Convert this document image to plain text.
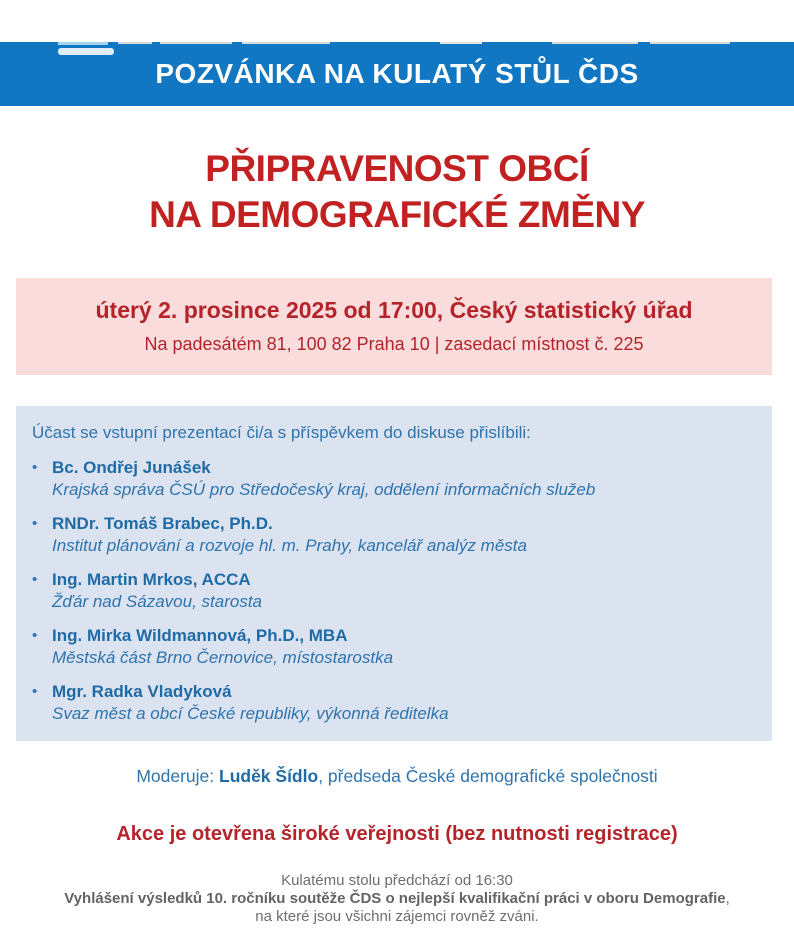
POZVÁNKA NA KULATÝ STŮL ČDS
PŘIPRAVENOST OBCÍ
NA DEMOGRAFICKÉ ZMĚNY
úterý 2. prosince 2025 od 17:00, Český statistický úřad
Na padesátém 81, 100 82 Praha 10 | zasedací místnost č. 225
Účast se vstupní prezentací či/a s příspěvkem do diskuse přislíbili:
• Bc. Ondřej Junášek
Krajská správa ČSÚ pro Středočeský kraj, oddělení informačních služeb
• RNDr. Tomáš Brabec, Ph.D.
Institut plánování a rozvoje hl. m. Prahy, kancelář analýz města
• Ing. Martin Mrkos, ACCA
Žďár nad Sázavou, starosta
• Ing. Mirka Wildmannová, Ph.D., MBA
Městská část Brno Černovice, místostarostka
• Mgr. Radka Vladyková
Svaz měst a obcí České republiky, výkonná ředitelka
Moderuje: Luděk Šídlo, předseda České demografické společnosti
Akce je otevřena široké veřejnosti (bez nutnosti registrace)
Kulatému stolu předchází od 16:30
Vyhlášení výsledků 10. ročníku soutěže ČDS o nejlepší kvalifikační práci v oboru Demografie,
na které jsou všichni zájemci rovněž zváni.
